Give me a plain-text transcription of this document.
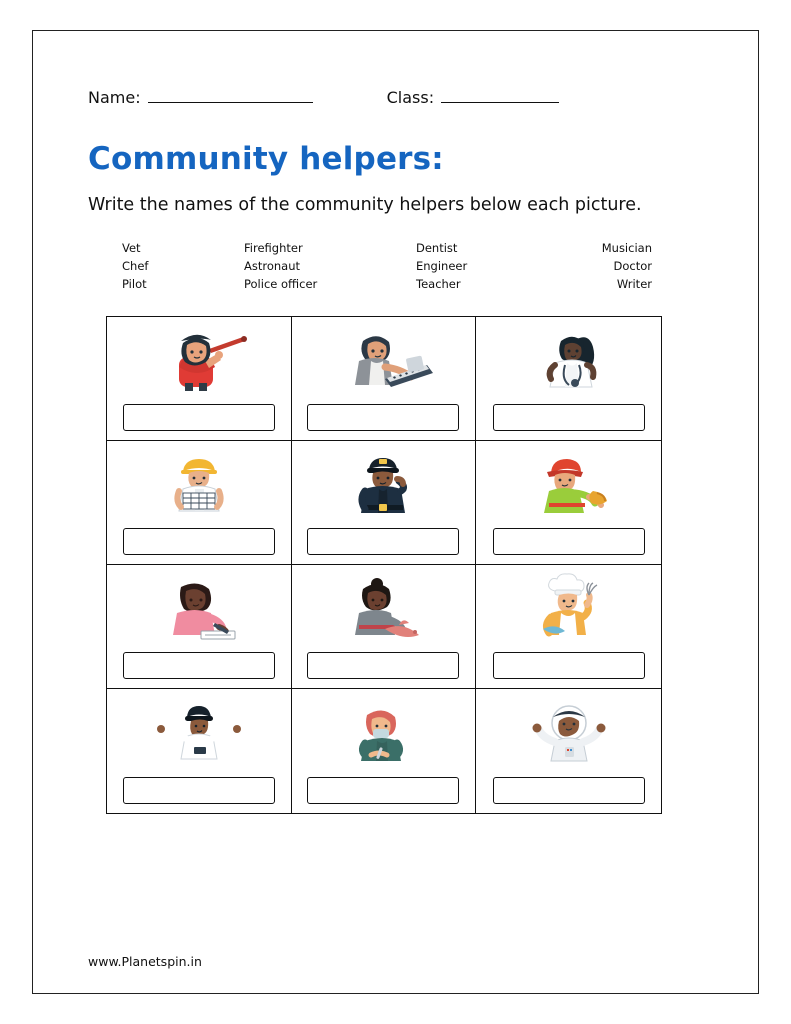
Name:	Class:
Community helpers:

Write the names of the community helpers below each picture.

Vet	Firefighter	Dentist	Musician
Chef	Astronaut	Engineer	Doctor
Pilot	Police officer	Teacher	Writer
www.Planetspin.in
